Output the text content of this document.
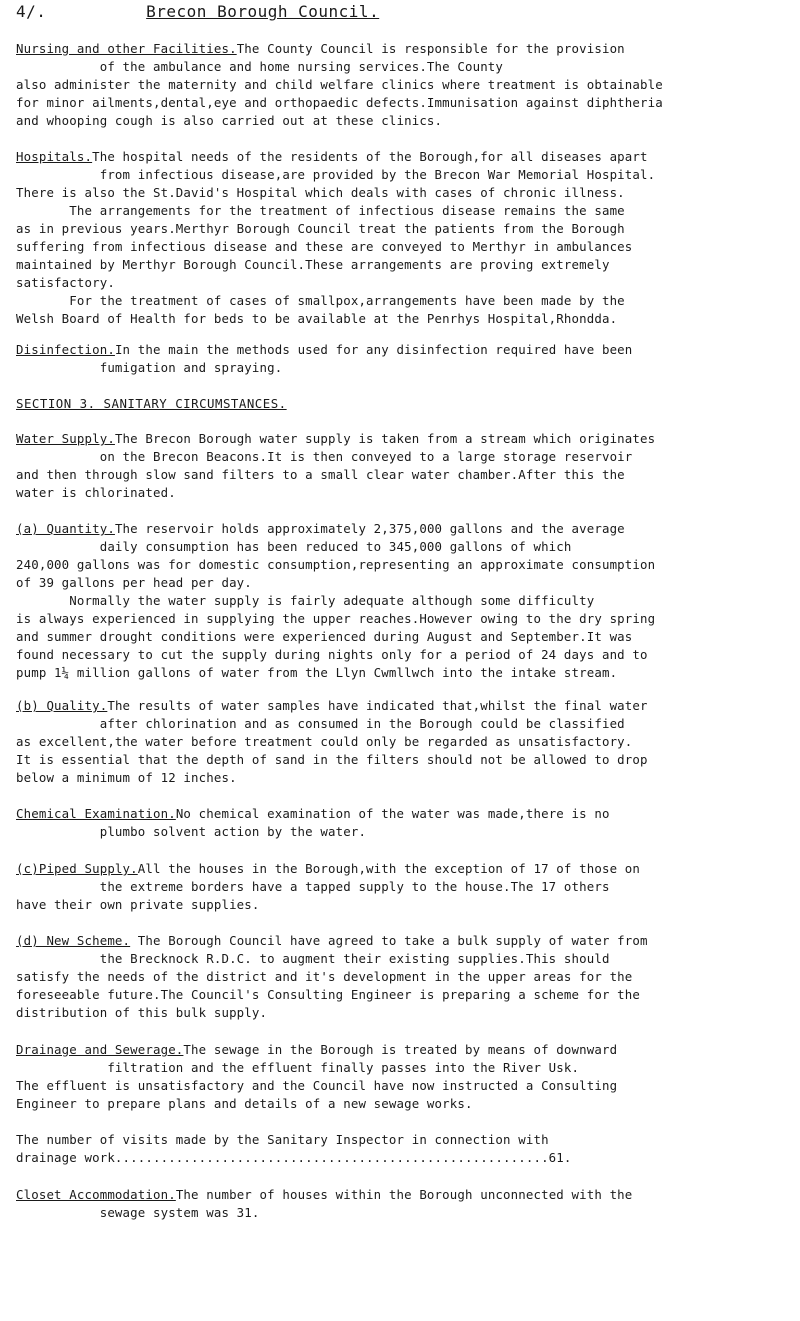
4/.	Brecon Borough Council.
Nursing and other Facilities.The County Council is responsible for the provision
of the ambulance and home nursing services.The County
also administer the maternity and child welfare clinics where treatment is obtainable
for minor ailments,dental,eye and orthopaedic defects.Immunisation against diphtheria
and whooping cough is also carried out at these clinics.
Hospitals.The hospital needs of the residents of the Borough,for all diseases apart
from infectious disease,are provided by the Brecon War Memorial Hospital.
There is also the St.David's Hospital which deals with cases of chronic illness.
The arrangements for the treatment of infectious disease remains the same
as in previous years.Merthyr Borough Council treat the patients from the Borough
suffering from infectious disease and these are conveyed to Merthyr in ambulances
maintained by Merthyr Borough Council.These arrangements are proving extremely
satisfactory.
For the treatment of cases of smallpox,arrangements have been made by the
Welsh Board of Health for beds to be available at the Penrhys Hospital,Rhondda.
Disinfection.In the main the methods used for any disinfection required have been
fumigation and spraying.
SECTION 3. SANITARY CIRCUMSTANCES.
Water Supply.The Brecon Borough water supply is taken from a stream which originates
on the Brecon Beacons.It is then conveyed to a large storage reservoir
and then through slow sand filters to a small clear water chamber.After this the
water is chlorinated.
(a) Quantity.The reservoir holds approximately 2,375,000 gallons and the average
daily consumption has been reduced to 345,000 gallons of which
240,000 gallons was for domestic consumption,representing an approximate consumption
of 39 gallons per head per day.
Normally the water supply is fairly adequate although some difficulty
is always experienced in supplying the upper reaches.However owing to the dry spring
and summer drought conditions were experienced during August and September.It was
found necessary to cut the supply during nights only for a period of 24 days and to
pump 1¼ million gallons of water from the Llyn Cwmllwch into the intake stream.
(b) Quality.The results of water samples have indicated that,whilst the final water
after chlorination and as consumed in the Borough could be classified
as excellent,the water before treatment could only be regarded as unsatisfactory.
It is essential that the depth of sand in the filters should not be allowed to drop
below a minimum of 12 inches.
Chemical Examination.No chemical examination of the water was made,there is no
plumbo solvent action by the water.
(c)Piped Supply.All the houses in the Borough,with the exception of 17 of those on
the extreme borders have a tapped supply to the house.The 17 others
have their own private supplies.
(d) New Scheme. The Borough Council have agreed to take a bulk supply of water from
the Brecknock R.D.C. to augment their existing supplies.This should
satisfy the needs of the district and it's development in the upper areas for the
foreseeable future.The Council's Consulting Engineer is preparing a scheme for the
distribution of this bulk supply.
Drainage and Sewerage.The sewage in the Borough is treated by means of downward
filtration and the effluent finally passes into the River Usk.
The effluent is unsatisfactory and the Council have now instructed a Consulting
Engineer to prepare plans and details of a new sewage works.
The number of visits made by the Sanitary Inspector in connection with
drainage work.........................................................61.
Closet Accommodation.The number of houses within the Borough unconnected with the
sewage system was 31.
